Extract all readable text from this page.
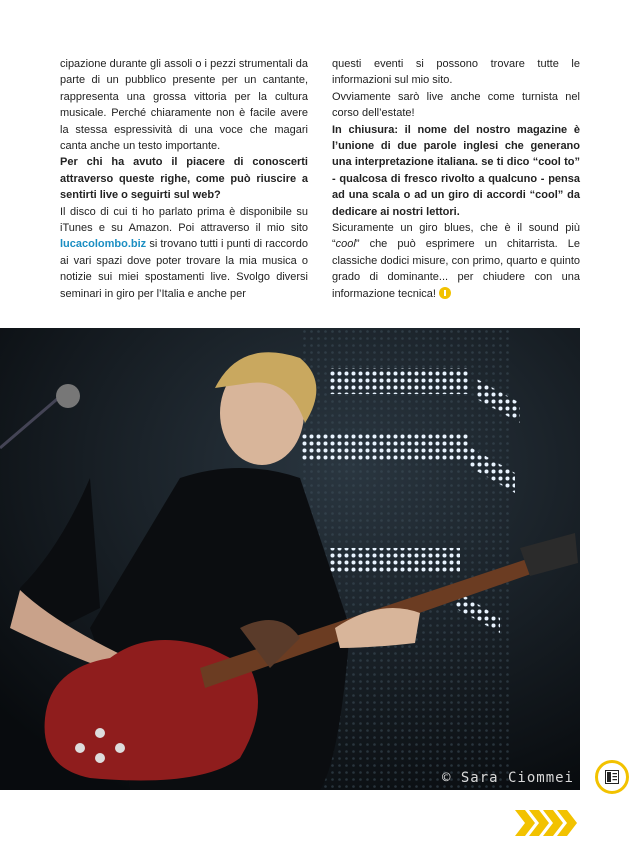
cipazione durante gli assoli o i pezzi strumentali da parte di un pubblico presente per un cantante, rappresenta una grossa vittoria per la cultura musicale. Perché chiaramente non è facile avere la stessa espressività di una voce che magari canta anche un testo importante.

Per chi ha avuto il piacere di conoscerti attraverso queste righe, come può riuscire a sentirti live o seguirti sul web?

Il disco di cui ti ho parlato prima è disponibile su iTunes e su Amazon. Poi attraverso il mio sito lucacolombo.biz si trovano tutti i punti di raccordo ai vari spazi dove poter trovare la mia musica o notizie sui miei spostamenti live. Svolgo diversi seminari in giro per l’Italia e anche per

questi eventi si possono trovare tutte le informazioni sul mio sito.

Ovviamente sarò live anche come turnista nel corso dell’estate!

In chiusura: il nome del nostro magazine è l’unione di due parole inglesi che generano una interpretazione italiana. se ti dico “cool to” - qualcosa di fresco rivolto a qualcuno - pensa ad una scala o ad un giro di accordi “cool” da dedicare ai nostri lettori.

Sicuramente un giro blues, che è il sound più “cool” che può esprimere un chitarrista. Le classiche dodici misure, con primo, quarto e quinto grado di dominante... per chiudere con una informazione tecnica!

© Sara Ciommei
